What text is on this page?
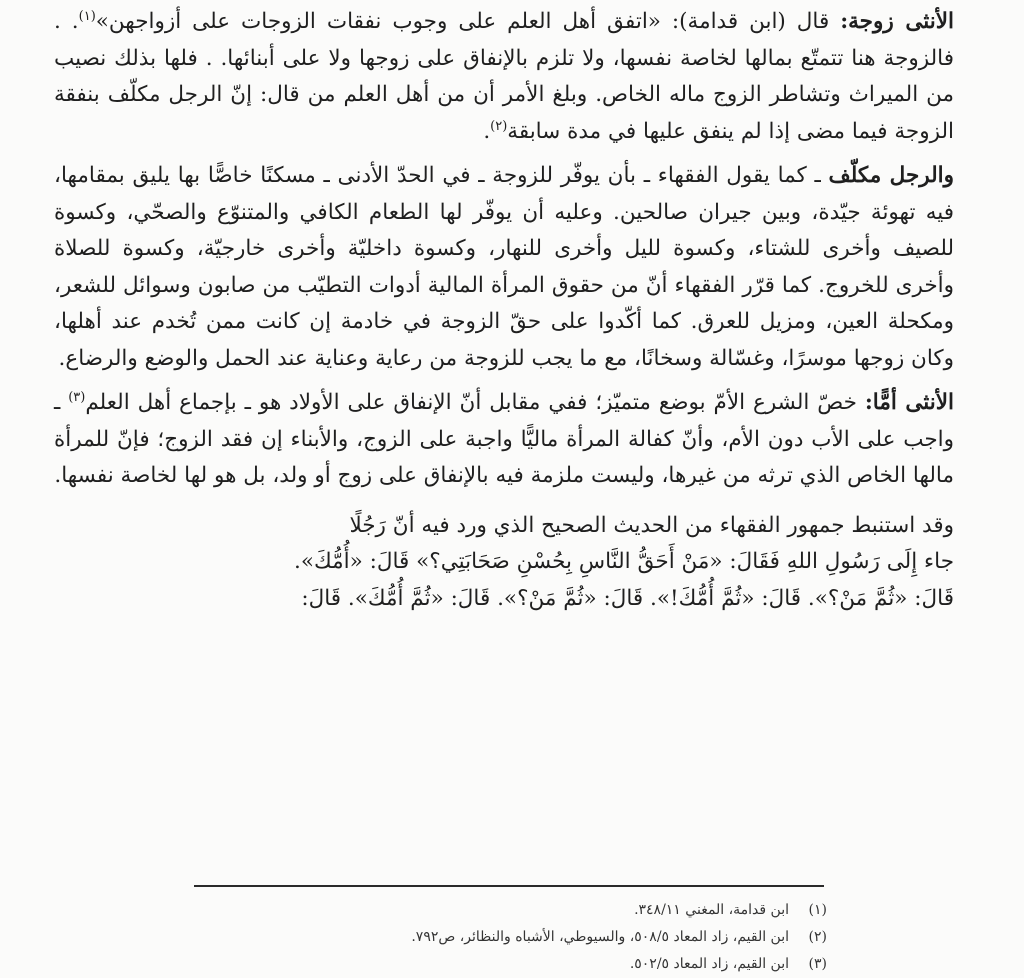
الأنثى زوجة: قال (ابن قدامة): «اتفق أهل العلم على وجوب نفقات الزوجات على أزواجهن»$^{(١)}$. . فالزوجة هنا تتمتّع بمالها لخاصة نفسها، ولا تلزم بالإنفاق على زوجها ولا على أبنائها. . فلها بذلك نصيب من الميراث وتشاطر الزوج ماله الخاص. وبلغ الأمر أن من أهل العلم من قال: إنّ الرجل مكلّف بنفقة الزوجة فيما مضى إذا لم ينفق عليها في مدة سابقة$^{(٢)}$.

والرجل مكلّف ـ كما يقول الفقهاء ـ بأن يوفّر للزوجة ـ في الحدّ الأدنى ـ مسكنًا خاصًّا بها يليق بمقامها، فيه تهوئة جيّدة، وبين جيران صالحين. وعليه أن يوفّر لها الطعام الكافي والمتنوّع والصحّي، وكسوة للصيف وأخرى للشتاء، وكسوة لليل وأخرى للنهار، وكسوة داخليّة وأخرى خارجيّة، وكسوة للصلاة وأخرى للخروج. كما قرّر الفقهاء أنّ من حقوق المرأة المالية أدوات التطيّب من صابون وسوائل للشعر، ومكحلة العين، ومزيل للعرق. كما أكّدوا على حقّ الزوجة في خادمة إن كانت ممن تُخدم عند أهلها، وكان زوجها موسرًا، وغسّالة وسخانًا، مع ما يجب للزوجة من رعاية وعناية عند الحمل والوضع والرضاع.

الأنثى أمًّا: خصّ الشرع الأمّ بوضع متميّز؛ ففي مقابل أنّ الإنفاق على الأولاد هو ـ بإجماع أهل العلم$^{(٣)}$ ـ واجب على الأب دون الأم، وأنّ كفالة المرأة ماليًّا واجبة على الزوج، والأبناء إن فقد الزوج؛ فإنّ للمرأة مالها الخاص الذي ترثه من غيرها، وليست ملزمة فيه بالإنفاق على زوج أو ولد، بل هو لها لخاصة نفسها.

وقد استنبط جمهور الفقهاء من الحديث الصحيح الذي ورد فيه أنّ رَجُلًا
جاء إِلَى رَسُولِ اللهِ فَقَالَ: «مَنْ أَحَقُّ النَّاسِ بِحُسْنِ صَحَابَتِي؟» قَالَ: «أُمُّكَ».
قَالَ: «ثُمَّ مَنْ؟». قَالَ: «ثُمَّ أُمُّكَ!». قَالَ: «ثُمَّ مَنْ؟». قَالَ: «ثُمَّ أُمُّكَ». قَالَ:

(١)
ابن قدامة، المغني ٣٤٨/١١.
(٢)
ابن القيم، زاد المعاد ٥٠٨/٥، والسيوطي، الأشباه والنظائر، ص٧٩٢.
(٣)
ابن القيم، زاد المعاد ٥٠٢/٥.
